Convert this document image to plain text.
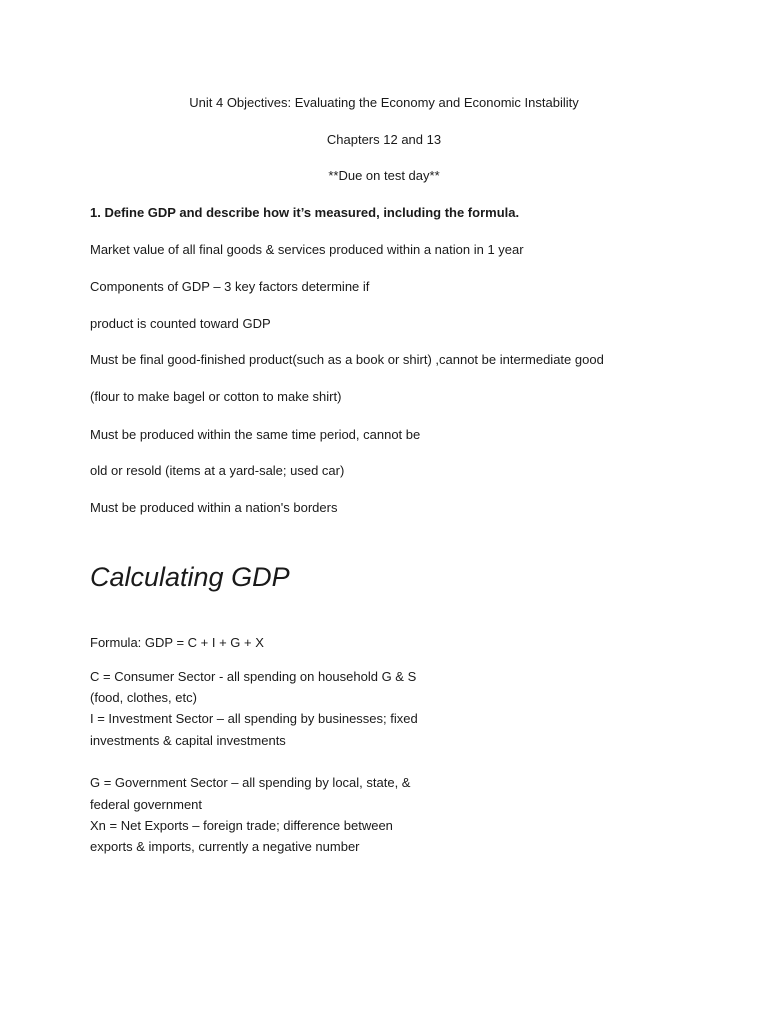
Unit 4 Objectives: Evaluating the Economy and Economic Instability
Chapters 12 and 13
**Due on test day**
1. Define GDP and describe how it’s measured, including the formula.
Market value of all final goods & services produced within a nation in 1 year
Components of GDP – 3 key factors determine if
product is counted toward GDP
Must be final good-finished product(such as a book or shirt) ,cannot be intermediate good
(flour to make bagel or cotton to make shirt)
Must be produced within the same time period, cannot be
old or resold (items at a yard-sale; used car)
Must be produced within a nation's borders
Calculating GDP
Formula: GDP = C + I + G + X
C = Consumer Sector - all spending on household G & S
(food, clothes, etc)
I = Investment Sector – all spending by businesses; fixed
investments & capital investments
G = Government Sector – all spending by local, state, &
federal government
Xn = Net Exports – foreign trade; difference between
exports & imports, currently a negative number
